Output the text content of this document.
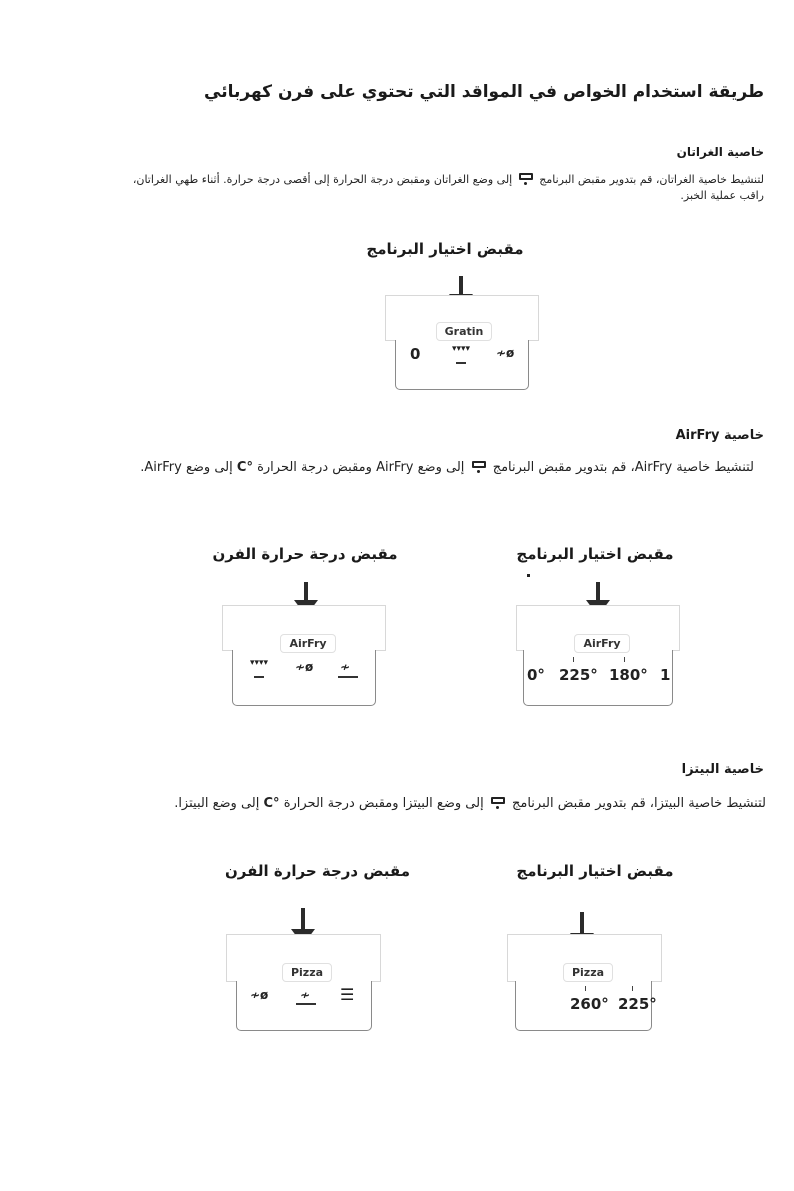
طريقة استخدام الخواص في المواقد التي تحتوي على فرن كهربائي
خاصية الغراتان
لتنشيط خاصية الغراتان، قم بتدوير مقبض البرنامج  إلى وضع الغراتان ومقبض درجة الحرارة إلى أقصى درجة حرارة. أثناء طهي الغراتان،
راقب عملية الخبز.
مقبض اختيار البرنامج
Gratin
0	▾▾▾▾ ≁ø
خاصية AirFry
لتنشيط خاصية AirFry، قم بتدوير مقبض البرنامج  إلى وضع AirFry ومقبض درجة الحرارة °C إلى وضع AirFry.
مقبض درجة حرارة الفرن
AirFry
▾▾▾▾ ≁ø ≁
مقبض اختيار البرنامج
AirFry
0° 225° 180° 1
خاصية البيتزا
لتنشيط خاصية البيتزا، قم بتدوير مقبض البرنامج  إلى وضع البيتزا ومقبض درجة الحرارة °C إلى وضع البيتزا.
مقبض درجة حرارة الفرن
Pizza
≁ø	≁ ☰
مقبض اختيار البرنامج
Pizza
260° 225°
